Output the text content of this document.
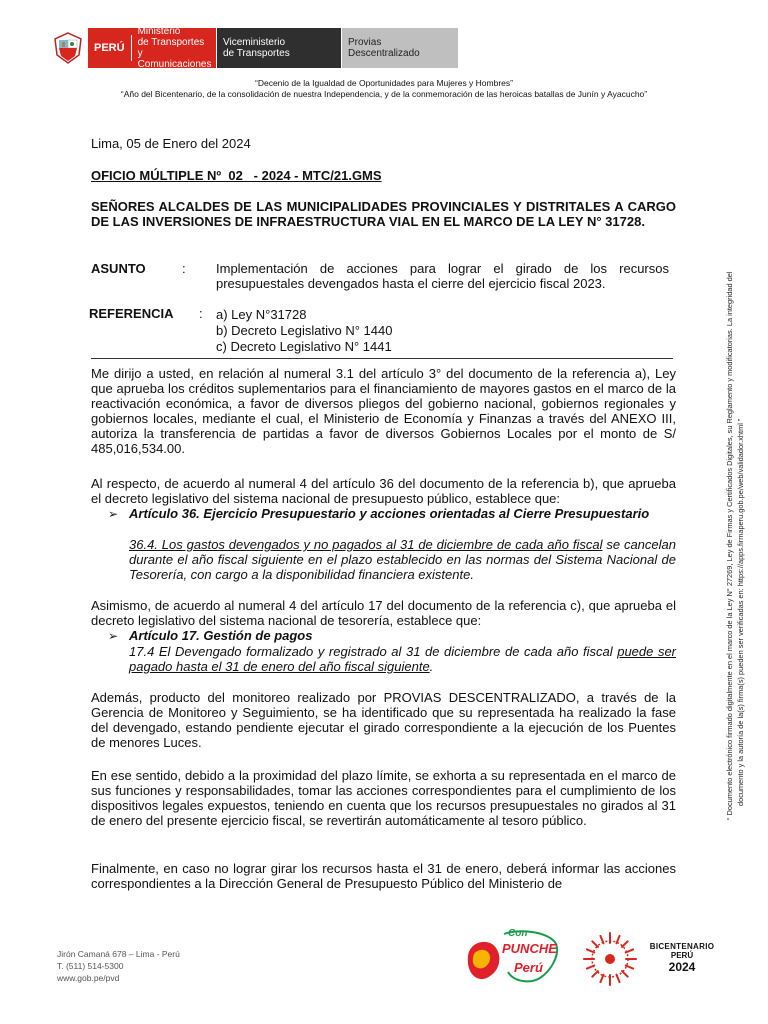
PERÚ
Ministerio
de Transportes
y Comunicaciones
Viceministerio
de Transportes
Provias
Descentralizado
“Decenio de la Igualdad de Oportunidades para Mujeres y Hombres”
“Año del Bicentenario, de la consolidación de nuestra Independencia, y de la conmemoración de las heroicas batallas de Junín y Ayacucho”
“ Documento electrónico firmado digitalmente en el marco de la Ley N° 27269, Ley de Firmas y Certificados Digitales, su Reglamento y modificatorias. La integridad del documento y la autoría de la(s) firma(s) pueden ser verificadas en: https://apps.firmaperu.gob.pe/web/validador.xhtml ”
Lima, 05 de Enero del 2024
OFICIO MÚLTIPLE Nº  02   - 2024 - MTC/21.GMS
SEÑORES ALCALDES DE LAS MUNICIPALIDADES PROVINCIALES Y DISTRITALES A CARGO DE LAS INVERSIONES DE INFRAESTRUCTURA VIAL EN EL MARCO DE LA LEY N° 31728.
ASUNTO	: Implementación de acciones para lograr el girado de los recursos presupuestales devengados hasta el cierre del ejercicio fiscal 2023.
REFERENCIA : a) Ley N°31728
b) Decreto Legislativo N° 1440
c) Decreto Legislativo N° 1441
Me dirijo a usted, en relación al numeral 3.1 del artículo 3° del documento de la referencia a), Ley que aprueba los créditos suplementarios para el financiamiento de mayores gastos en el marco de la reactivación económica, a favor de diversos pliegos del gobierno nacional, gobiernos regionales y gobiernos locales, mediante el cual, el Ministerio de Economía y Finanzas a través del ANEXO III, autoriza la transferencia de partidas a favor de diversos Gobiernos Locales por el monto de S/ 485,016,534.00.
Al respecto, de acuerdo al numeral 4 del artículo 36 del documento de la referencia b), que aprueba el decreto legislativo del sistema nacional de presupuesto público, establece que:
➢ Artículo 36. Ejercicio Presupuestario y acciones orientadas al Cierre Presupuestario
36.4. Los gastos devengados y no pagados al 31 de diciembre de cada año fiscal se cancelan durante el año fiscal siguiente en el plazo establecido en las normas del Sistema Nacional de Tesorería, con cargo a la disponibilidad financiera existente.
Asimismo, de acuerdo al numeral 4 del artículo 17 del documento de la referencia c), que aprueba el decreto legislativo del sistema nacional de tesorería, establece que:
➢ Artículo 17. Gestión de pagos
17.4 El Devengado formalizado y registrado al 31 de diciembre de cada año fiscal puede ser pagado hasta el 31 de enero del año fiscal siguiente.
Además, producto del monitoreo realizado por PROVIAS DESCENTRALIZADO, a través de la Gerencia de Monitoreo y Seguimiento, se ha identificado que su representada ha realizado la fase del devengado, estando pendiente ejecutar el girado correspondiente a la ejecución de los Puentes de menores Luces.
En ese sentido, debido a la proximidad del plazo límite, se exhorta a su representada en el marco de sus funciones y responsabilidades, tomar las acciones correspondientes para el cumplimiento de los dispositivos legales expuestos, teniendo en cuenta que los recursos presupuestales no girados al 31 de enero del presente ejercicio fiscal, se revertirán automáticamente al tesoro público.
Finalmente, en caso no lograr girar los recursos hasta el 31 de enero, deberá informar las acciones correspondientes a la Dirección General de Presupuesto Público del Ministerio de
Jirón Camaná 678 – Lima - Perú
T. (511) 514-5300
www.gob.pe/pvd
Con
PUNCHE
Perú
BICENTENARIO
PERÚ
2024
